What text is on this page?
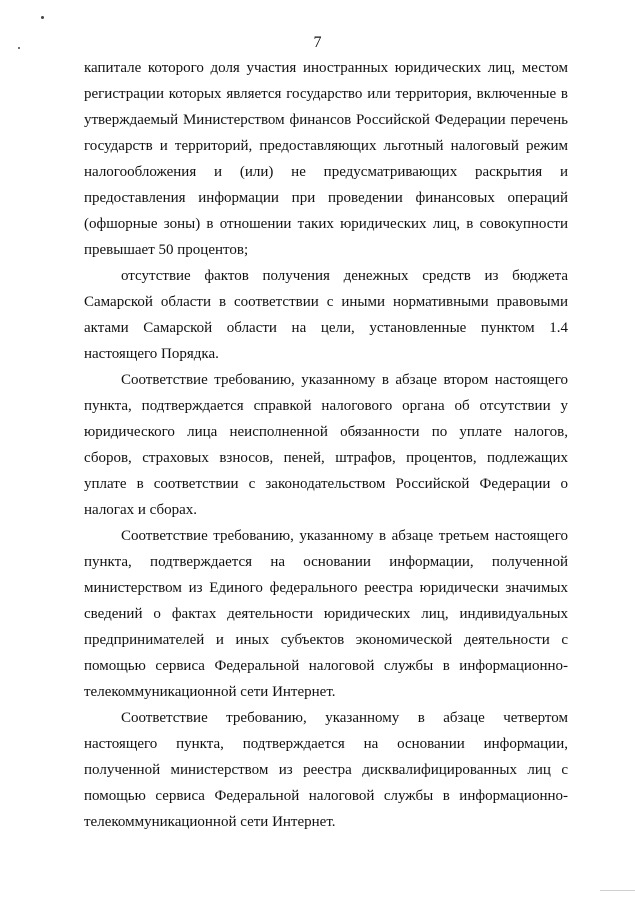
7

капитале которого доля участия иностранных юридических лиц, местом регистрации которых является государство или территория, включенные в утверждаемый Министерством финансов Российской Федерации перечень государств и территорий, предоставляющих льготный налоговый режим налогообложения и (или) не предусматривающих раскрытия и предоставления информации при проведении финансовых операций (офшорные зоны) в отношении таких юридических лиц, в совокупности превышает 50 процентов;

отсутствие фактов получения денежных средств из бюджета Самарской области в соответствии с иными нормативными правовыми актами Самарской области на цели, установленные пунктом 1.4 настоящего Порядка.

Соответствие требованию, указанному в абзаце втором настоящего пункта, подтверждается справкой налогового органа об отсутствии у юридического лица неисполненной обязанности по уплате налогов, сборов, страховых взносов, пеней, штрафов, процентов, подлежащих уплате в соответствии с законодательством Российской Федерации о налогах и сборах.

Соответствие требованию, указанному в абзаце третьем настоящего пункта, подтверждается на основании информации, полученной министерством из Единого федерального реестра юридически значимых сведений о фактах деятельности юридических лиц, индивидуальных предпринимателей и иных субъектов экономической деятельности с помощью сервиса Федеральной налоговой службы в информационно-телекоммуникационной сети Интернет.

Соответствие требованию, указанному в абзаце четвертом настоящего пункта, подтверждается на основании информации, полученной министерством из реестра дисквалифицированных лиц с помощью сервиса Федеральной налоговой службы в информационно-телекоммуникационной сети Интернет.
